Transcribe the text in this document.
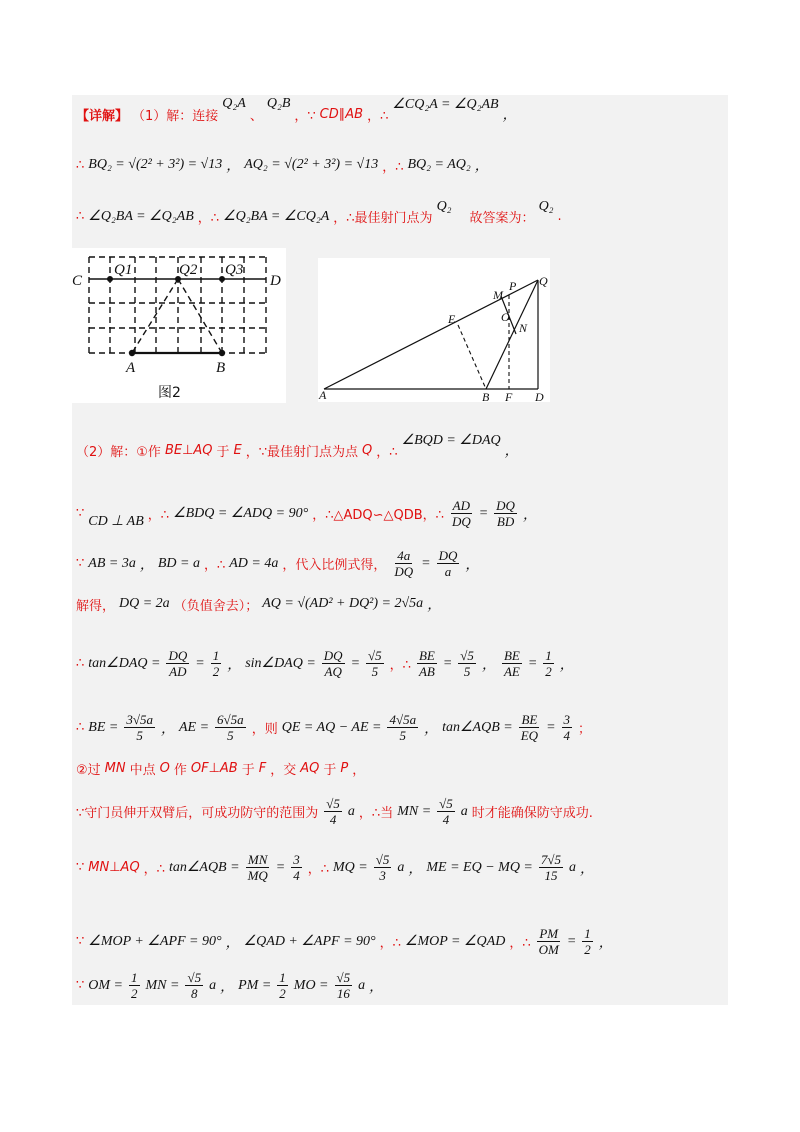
【详解】 （1）解：连接
Q₂A
、
Q₂B
，∵ CD∥AB ，∴
∠CQ₂A = ∠Q₂AB
，
∴ BQ₂ = √(2² + 3²) = √13 ， AQ₂ = √(2² + 3²) = √13 ，∴ BQ₂ = AQ₂ ，
∴ ∠Q₂BA = ∠Q₂AB ，∴ ∠Q₂BA = ∠CQ₂A ，∴最佳射门点为
Q₂
故答案为：
Q₂
.
C	D
Q1	Q2 Q3
A	B
图2	A	B F D
E
M
P
O
N
Q
（2）解：①作 BE⊥AQ 于 E ，∵最佳射门点为点 Q ，∴
∠BQD = ∠DAQ
，
∵
CD ⊥ AB ，∴ ∠BDQ = ∠ADQ = 90° ，∴△ADQ∽△QDB，∴ $\frac{AD}{DQ} = \frac{DQ}{BD}$ ，
∵ AB = 3a ， BD = a ，∴ AD = 4a ，代入比例式得， $\frac{4a}{DQ} = \frac{DQ}{a}$ ，
解得， DQ = 2a （负值舍去）； AQ = √(AD² + DQ²) = 2√5a ，
∴ tan∠DAQ = $\frac{DQ}{AD} = \frac{1}{2}$ ， sin∠DAQ = $\frac{DQ}{AQ} = \frac{√5}{5}$ ，∴ $\frac{BE}{AB} = \frac{√5}{5}$ ， $\frac{BE}{AE} = \frac{1}{2}$ ，
∴ BE = $\frac{3√5a}{5}$ ， AE = $\frac{6√5a}{5}$ ，则 QE = AQ − AE = $\frac{4√5a}{5}$ ， tan∠AQB = $\frac{BE}{EQ} = \frac{3}{4}$ ；
②过 MN 中点 O 作 OF⊥AB 于 F ，交 AQ 于 P ，
∵守门员伸开双臂后，可成功防守的范围为 $\frac{√5}{4}$ a ，∴当 MN = $\frac{√5}{4}$ a 时才能确保防守成功.
∵ MN⊥AQ ，∴ tan∠AQB = $\frac{MN}{MQ} = \frac{3}{4}$ ，∴ MQ = $\frac{√5}{3}$ a ， ME = EQ − MQ = $\frac{7√5}{15}$ a ，
∵ ∠MOP + ∠APF = 90° ， ∠QAD + ∠APF = 90° ，∴ ∠MOP = ∠QAD ，∴ $\frac{PM}{OM} = \frac{1}{2}$ ，
∵ OM = $\frac{1}{2}$ MN = $\frac{√5}{8}$ a ， PM = $\frac{1}{2}$ MO = $\frac{√5}{16}$ a ，
